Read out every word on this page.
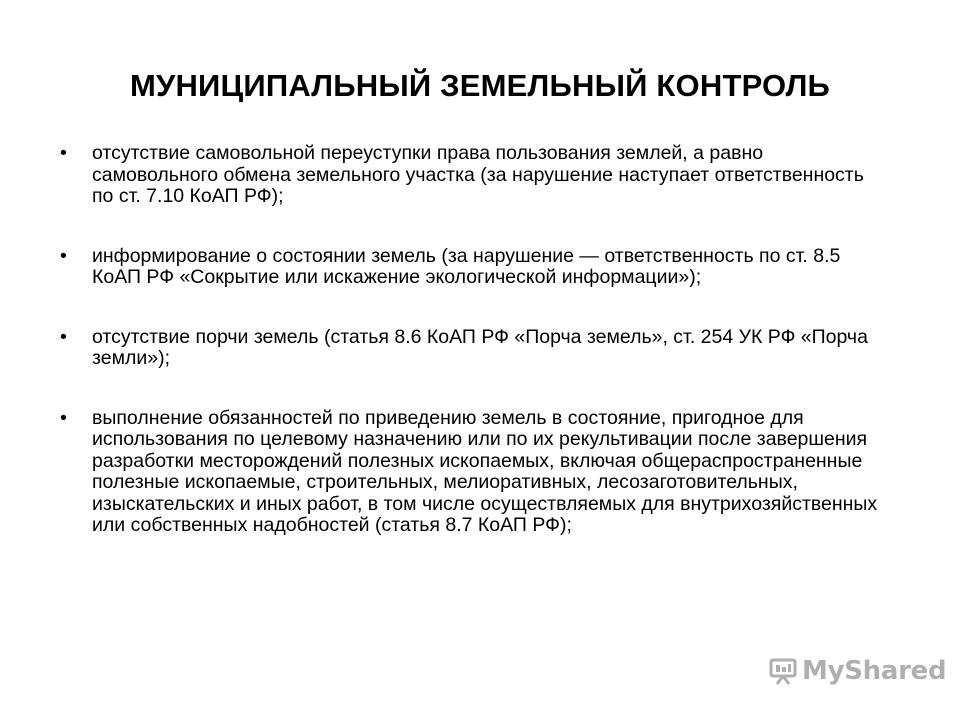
МУНИЦИПАЛЬНЫЙ ЗЕМЕЛЬНЫЙ КОНТРОЛЬ
• отсутствие самовольной переуступки права пользования землей, а равно самовольного обмена земельного участка (за нарушение наступает ответственность по ст. 7.10 КоАП РФ);
• информирование о состоянии земель (за нарушение — ответственность по ст. 8.5 КоАП РФ «Сокрытие или искажение экологической информации»);
• отсутствие порчи земель (статья 8.6 КоАП РФ «Порча земель», ст. 254 УК РФ «Порча земли»);
• выполнение обязанностей по приведению земель в состояние, пригодное для использования по целевому назначению или по их рекультивации после завершения разработки месторождений полезных ископаемых, включая общераспространенные полезные ископаемые, строительных, мелиоративных, лесозаготовительных, изыскательских и иных работ, в том числе осуществляемых для внутрихозяйственных или собственных надобностей (статья 8.7 КоАП РФ);
MyShared
